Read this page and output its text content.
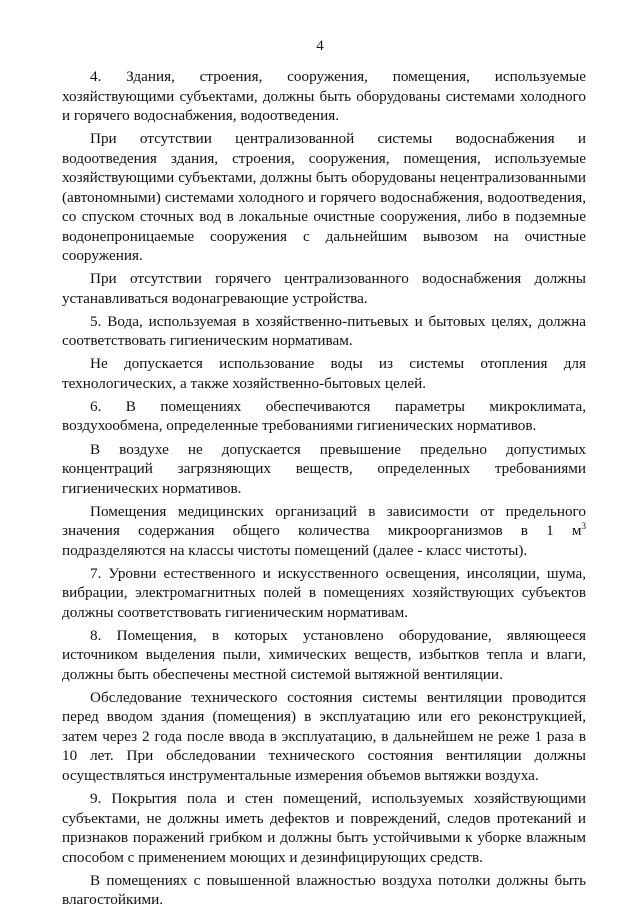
4

4. Здания, строения, сооружения, помещения, используемые хозяйствующими субъектами, должны быть оборудованы системами холодного и горячего водоснабжения, водоотведения.

При отсутствии централизованной системы водоснабжения и водоотведения здания, строения, сооружения, помещения, используемые хозяйствующими субъектами, должны быть оборудованы нецентрализованными (автономными) системами холодного и горячего водоснабжения, водоотведения, со спуском сточных вод в локальные очистные сооружения, либо в подземные водонепроницаемые сооружения с дальнейшим вывозом на очистные сооружения.

При отсутствии горячего централизованного водоснабжения должны устанавливаться водонагревающие устройства.

5. Вода, используемая в хозяйственно-питьевых и бытовых целях, должна соответствовать гигиеническим нормативам.

Не допускается использование воды из системы отопления для технологических, а также хозяйственно-бытовых целей.

6. В помещениях обеспечиваются параметры микроклимата, воздухообмена, определенные требованиями гигиенических нормативов.

В воздухе не допускается превышение предельно допустимых концентраций загрязняющих веществ, определенных требованиями гигиенических нормативов.

Помещения медицинских организаций в зависимости от предельного значения содержания общего количества микроорганизмов в 1 $м^3$ подразделяются на классы чистоты помещений (далее - класс чистоты).

7. Уровни естественного и искусственного освещения, инсоляции, шума, вибрации, электромагнитных полей в помещениях хозяйствующих субъектов должны соответствовать гигиеническим нормативам.

8. Помещения, в которых установлено оборудование, являющееся источником выделения пыли, химических веществ, избытков тепла и влаги, должны быть обеспечены местной системой вытяжной вентиляции.

Обследование технического состояния системы вентиляции проводится перед вводом здания (помещения) в эксплуатацию или его реконструкцией, затем через 2 года после ввода в эксплуатацию, в дальнейшем не реже 1 раза в 10 лет. При обследовании технического состояния вентиляции должны осуществляться инструментальные измерения объемов вытяжки воздуха.

9. Покрытия пола и стен помещений, используемых хозяйствующими субъектами, не должны иметь дефектов и повреждений, следов протеканий и признаков поражений грибком и должны быть устойчивыми к уборке влажным способом с применением моющих и дезинфицирующих средств.

В помещениях с повышенной влажностью воздуха потолки должны быть влагостойкими.
